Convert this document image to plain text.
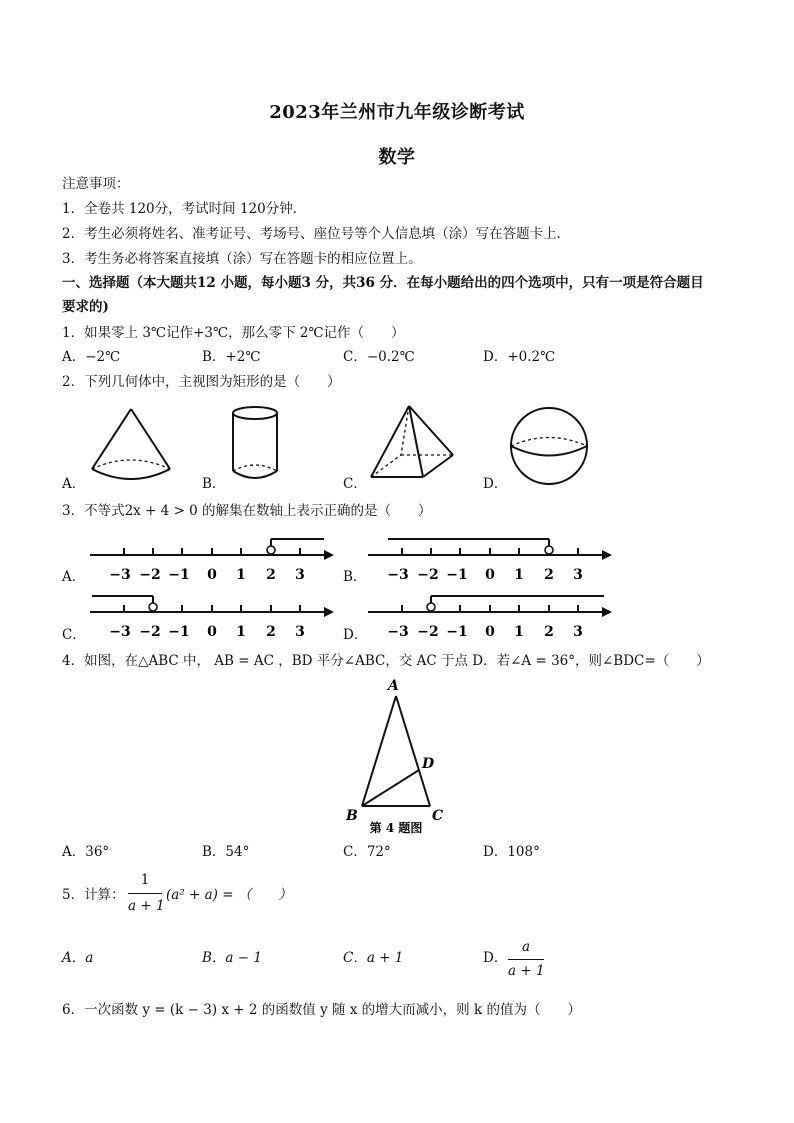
2023年兰州市九年级诊断考试
数学
注意事项：
1．全卷共 120分，考试时间 120分钟．
2．考生必须将姓名、准考证号、考场号、座位号等个人信息填（涂）写在答题卡上．
3．考生务必将答案直接填（涂）写在答题卡的相应位置上。
一、选择题（本大题共12 小题，每小题3 分，共36 分．在每小题给出的四个选项中，只有一项是符合题目
要求的)
1．如果零上 3℃记作+3℃，那么零下 2℃记作（　　）
A．−2℃	B．+2℃	C．−0.2℃	D．+0.2℃
2．下列几何体中，主视图为矩形的是（　　）
A．	B．	C．	D．
3．不等式2x + 4 > 0 的解集在数轴上表示正确的是（　　）
A．	B．
C．	D．
−3 −2 −1 0 1 2 3	−3 −2 −1 0 1 2 3
−3 −2 −1 0 1 2 3	−3 −2 −1 0 1 2 3
4．如图，在△ABC 中， AB = AC ，BD 平分∠ABC，交 AC 于点 D．若∠A = 36°，则∠BDC=（　　）
A
B	C
D
第 4 题图
A．36°	B．54°	C．72°	D．108°
5．计算：
1
a + 1
(a² + a) = （　　）
A．a	B．a − 1	C．a + 1	D．
a
a + 1
6．一次函数 y = (k − 3) x + 2 的函数值 y 随 x 的增大而减小，则 k 的值为（　　）
